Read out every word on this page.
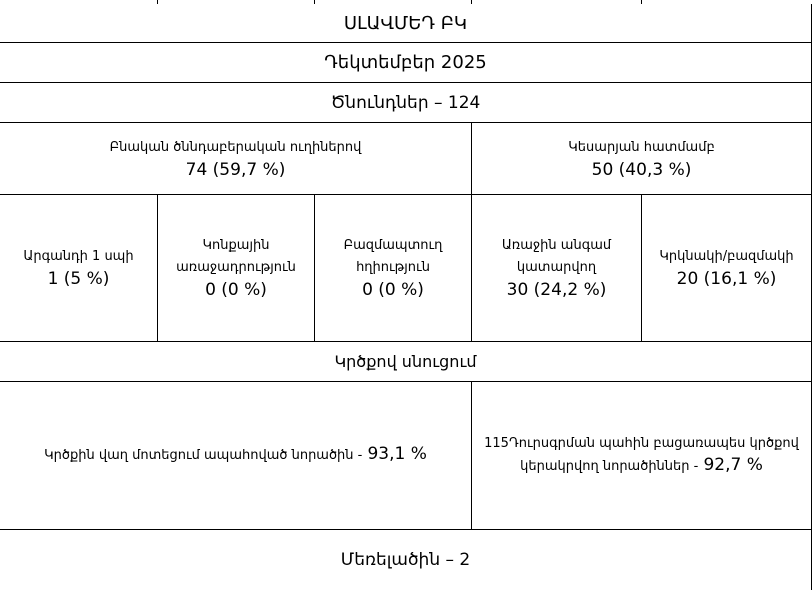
ՍԼԱՎՄԵԴ ԲԿ
Դեկտեմբեր 2025
Ծնունդներ – 124
Բնական ծննդաբերական ուղիներով
74 (59,7 %)
Կեսարյան հատմամբ
50 (40,3 %)
Արգանդի 1 սպի
1 (5 %)
Կոնքային
առաջադրություն
0 (0 %)
Բազմապտուղ
հղիություն
0 (0 %)
Առաջին անգամ
կատարվող
30 (24,2 %)
Կրկնակի/բազմակի
20 (16,1 %)
Կրծքով սնուցում
Կրծքին վաղ մոտեցում ապահոված նորածին - 93,1 %
115Դուրսգրման պահին բացառապես կրծքով
կերակրվող նորածիններ - 92,7 %
Մեռելածին – 2
